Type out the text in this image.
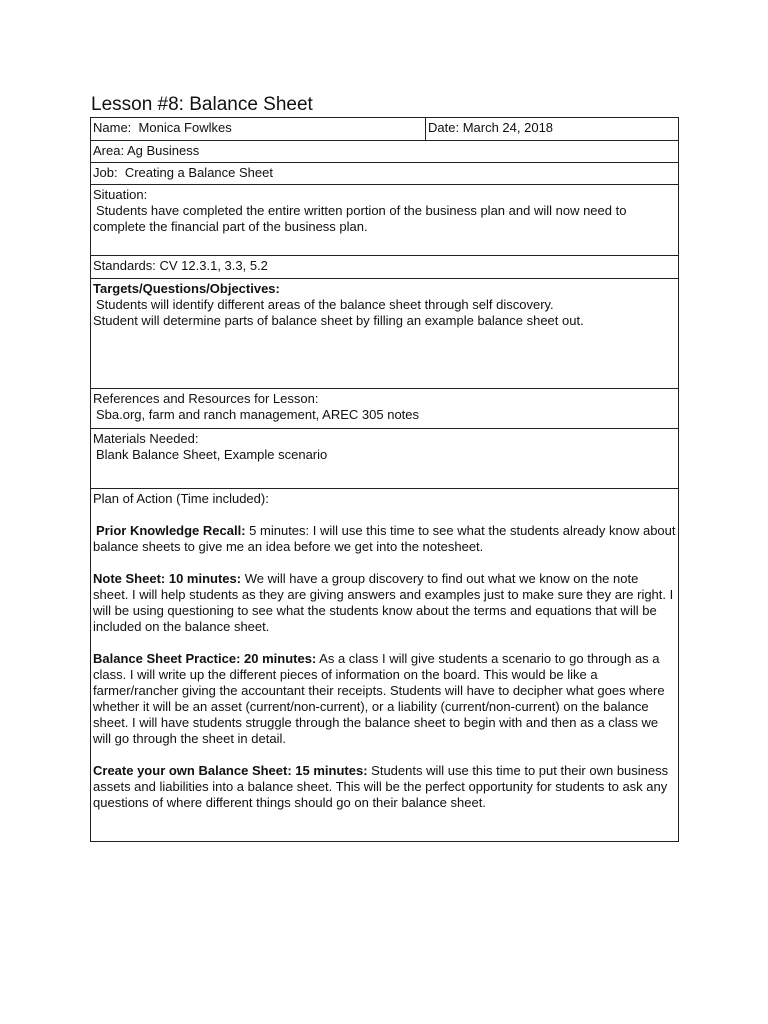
Lesson #8: Balance Sheet
Name: Monica Fowlkes	Date: March 24, 2018
Area: Ag Business
Job: Creating a Balance Sheet

Situation:
Students have completed the entire written portion of the business plan and will now need to complete the financial part of the business plan.

Standards: CV 12.3.1, 3.3, 5.2

Targets/Questions/Objectives:
Students will identify different areas of the balance sheet through self discovery.
Student will determine parts of balance sheet by filling an example balance sheet out.

References and Resources for Lesson:
Sba.org, farm and ranch management, AREC 305 notes

Materials Needed:
Blank Balance Sheet, Example scenario

Plan of Action (Time included):

Prior Knowledge Recall: 5 minutes: I will use this time to see what the students already know about balance sheets to give me an idea before we get into the notesheet.

Note Sheet: 10 minutes: We will have a group discovery to find out what we know on the note sheet. I will help students as they are giving answers and examples just to make sure they are right. I will be using questioning to see what the students know about the terms and equations that will be included on the balance sheet.

Balance Sheet Practice: 20 minutes: As a class I will give students a scenario to go through as a class. I will write up the different pieces of information on the board. This would be like a farmer/rancher giving the accountant their receipts. Students will have to decipher what goes where whether it will be an asset (current/non-current), or a liability (current/non-current) on the balance sheet. I will have students struggle through the balance sheet to begin with and then as a class we will go through the sheet in detail.

Create your own Balance Sheet: 15 minutes: Students will use this time to put their own business assets and liabilities into a balance sheet. This will be the perfect opportunity for students to ask any questions of where different things should go on their balance sheet.
